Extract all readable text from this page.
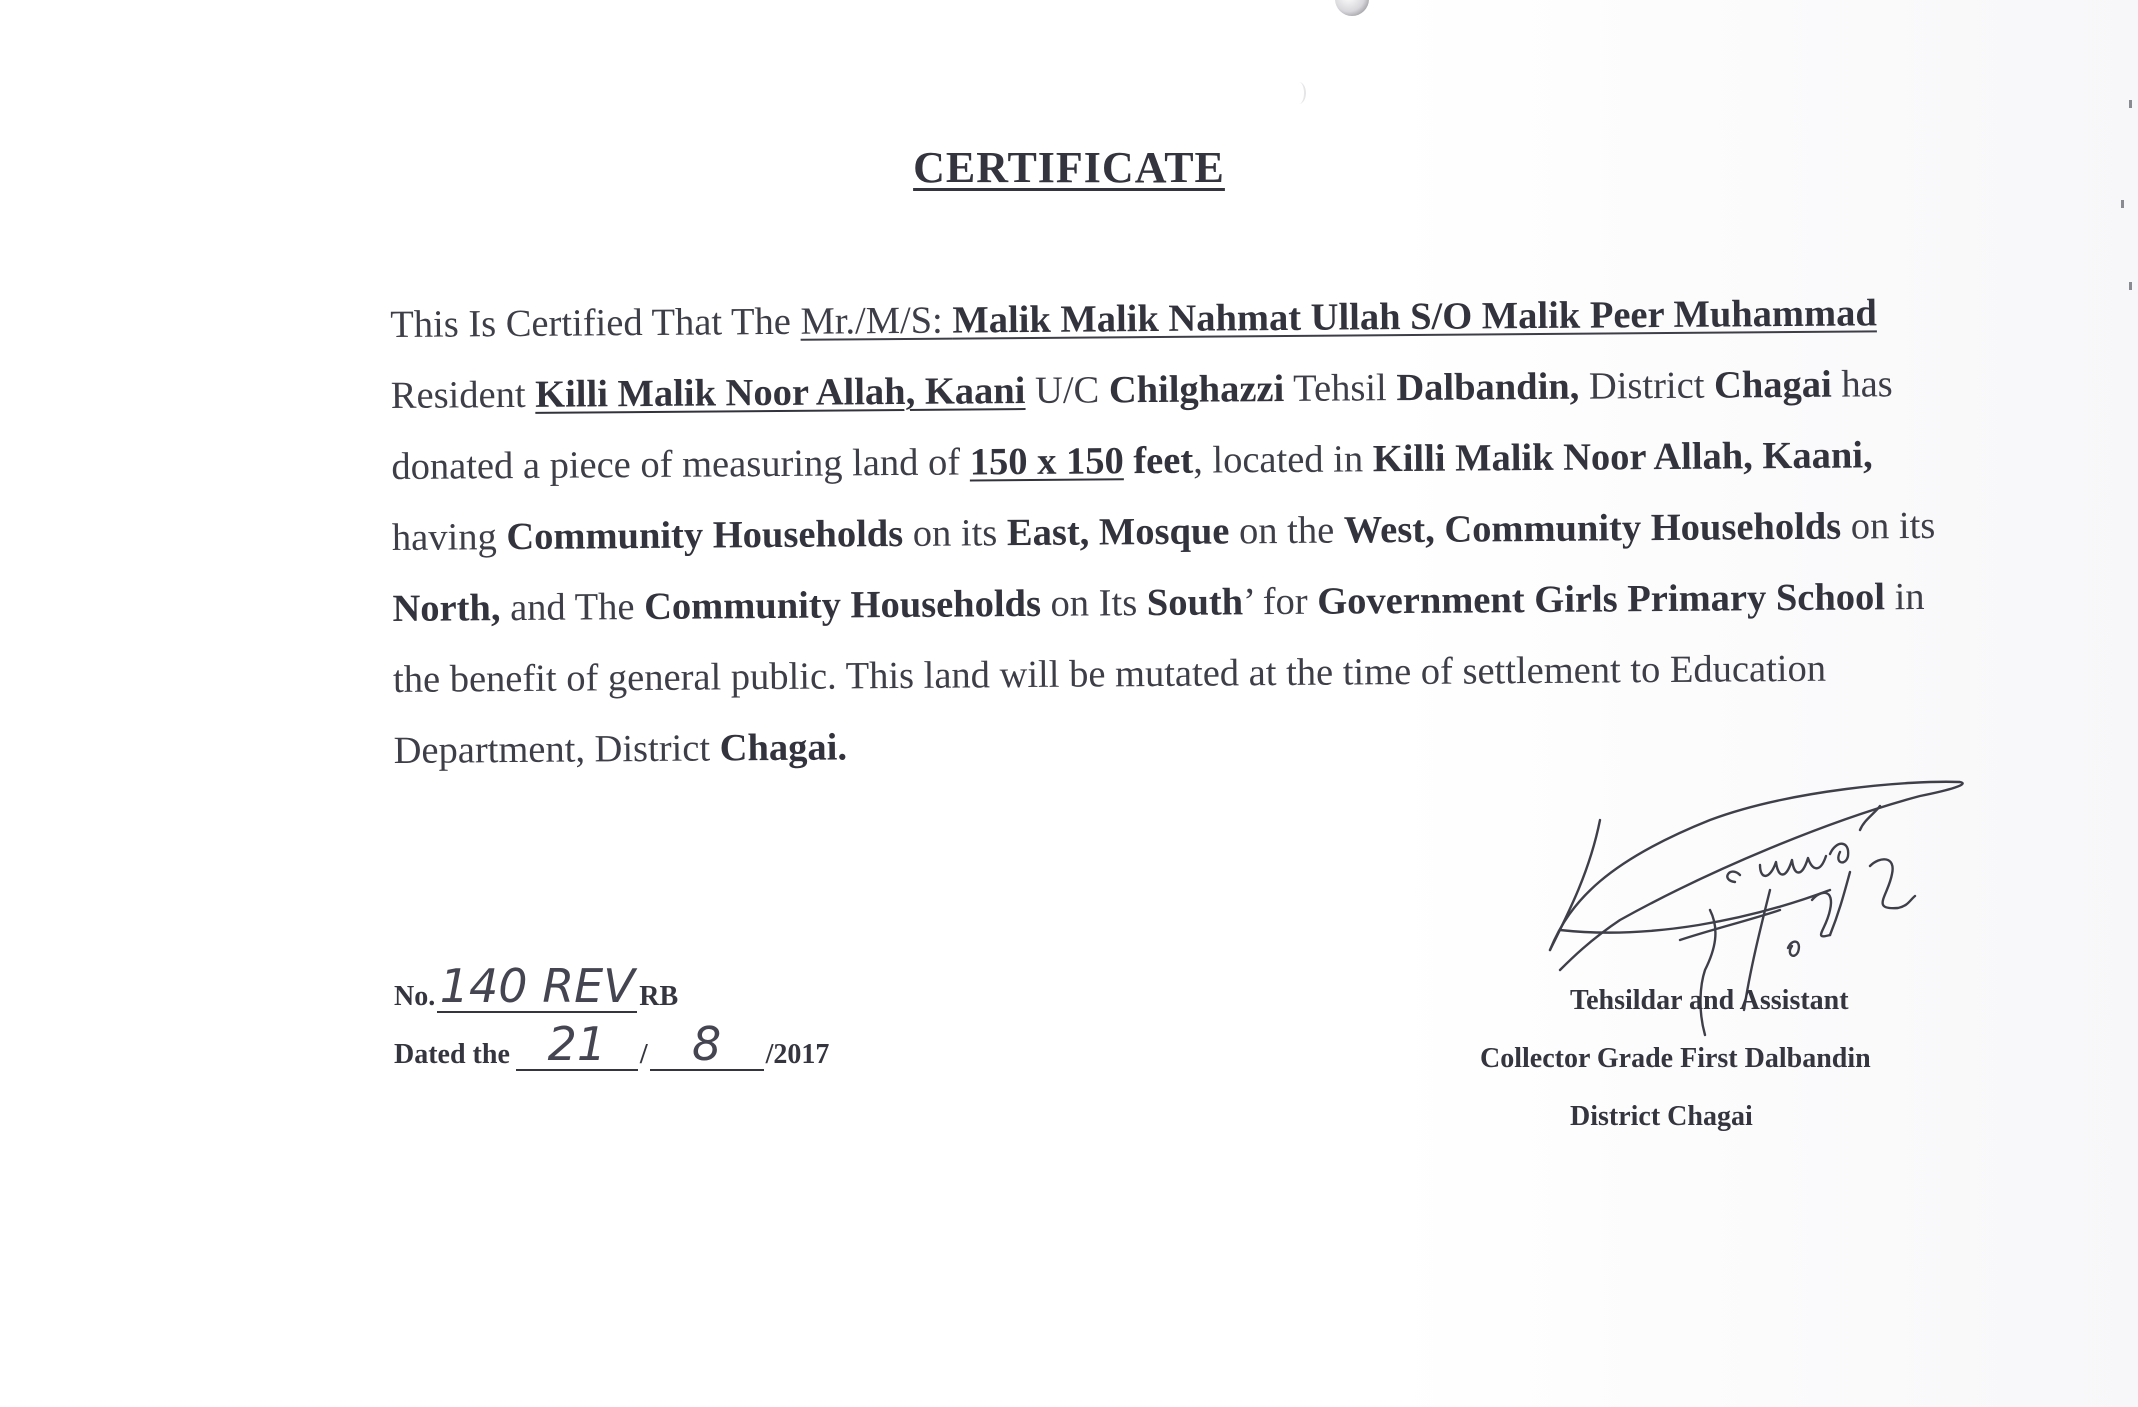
CERTIFICATE
This Is Certified That The Mr./M/S: Malik Malik Nahmat Ullah S/O Malik Peer Muhammad
Resident Killi Malik Noor Allah, Kaani U/C Chilghazzi Tehsil Dalbandin, District Chagai has
donated a piece of measuring land of 150 x 150 feet, located in Killi Malik Noor Allah, Kaani,
having Community Households on its East, Mosque on the West, Community Households on its
North, and The Community Households on Its South’ for Government Girls Primary School in
the benefit of general public. This land will be mutated at the time of settlement to Education
Department, District Chagai.
No. 140 REV RB
Dated the 21	/ 8	/2017
Tehsildar and Assistant
Collector Grade First Dalbandin
District Chagai
